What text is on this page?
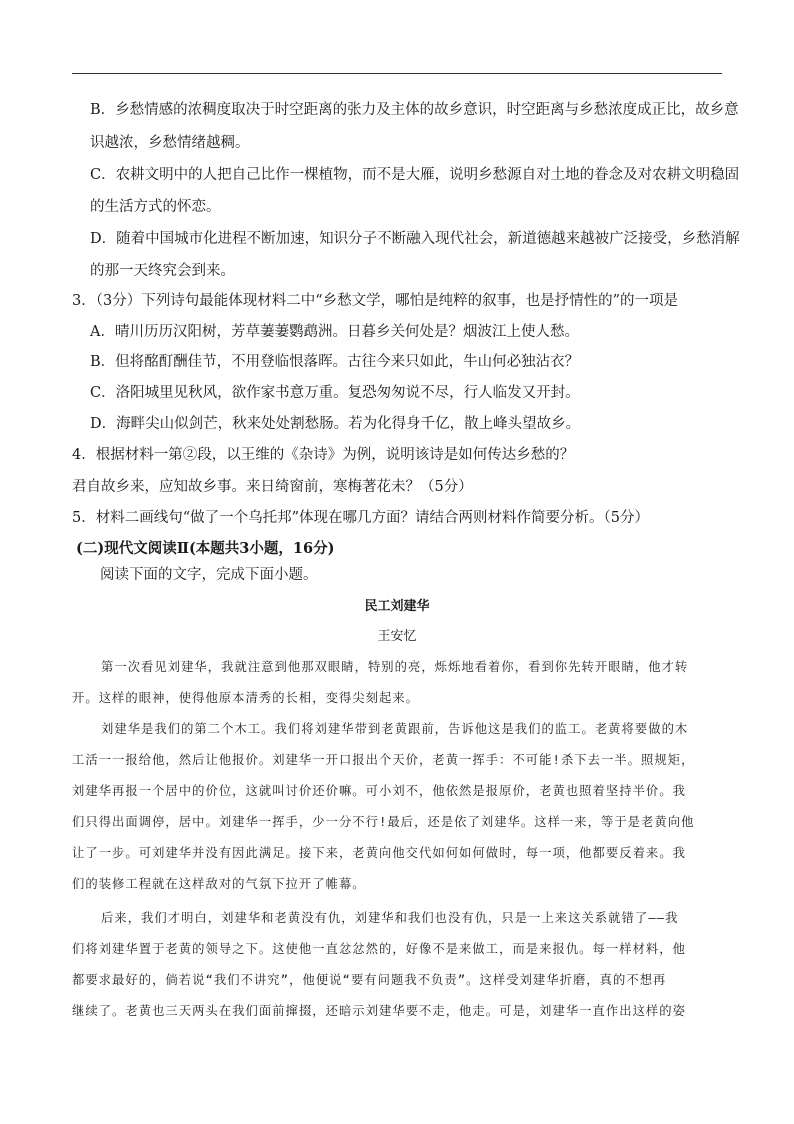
B．乡愁情感的浓稠度取决于时空距离的张力及主体的故乡意识，时空距离与乡愁浓度成正比，故乡意
识越浓，乡愁情绪越稠。
C．农耕文明中的人把自己比作一棵植物，而不是大雁，说明乡愁源自对土地的眷念及对农耕文明稳固
的生活方式的怀恋。
D．随着中国城市化进程不断加速，知识分子不断融入现代社会，新道德越来越被广泛接受，乡愁消解
的那一天终究会到来。
3．（3分）下列诗句最能体现材料二中“乡愁文学，哪怕是纯粹的叙事，也是抒情性的”的一项是
A．晴川历历汉阳树，芳草萋萋鹦鹉洲。日暮乡关何处是？烟波江上使人愁。
B．但将酩酊酬佳节，不用登临恨落晖。古往今来只如此，牛山何必独沾衣？
C．洛阳城里见秋风，欲作家书意万重。复恐匆匆说不尽，行人临发又开封。
D．海畔尖山似剑芒，秋来处处割愁肠。若为化得身千亿，散上峰头望故乡。
4．根据材料一第②段，以王维的《杂诗》为例，说明该诗是如何传达乡愁的？
君自故乡来，应知故乡事。来日绮窗前，寒梅著花未？（5分）
5．材料二画线句“做了一个乌托邦”体现在哪几方面？请结合两则材料作简要分析。（5分）
(二)现代文阅读Ⅱ(本题共3小题，16分)
阅读下面的文字，完成下面小题。
民工刘建华
王安忆
第一次看见刘建华，我就注意到他那双眼睛，特别的亮，烁烁地看着你，看到你先转开眼睛，他才转
开。这样的眼神，使得他原本清秀的长相，变得尖刻起来。
刘建华是我们的第二个木工。我们将刘建华带到老黄跟前，告诉他这是我们的监工。老黄将要做的木
工活一一报给他，然后让他报价。刘建华一开口报出个天价，老黄一挥手：不可能!杀下去一半。照规矩，
刘建华再报一个居中的价位，这就叫讨价还价嘛。可小刘不，他依然是报原价，老黄也照着坚持半价。我
们只得出面调停，居中。刘建华一挥手，少一分不行!最后，还是依了刘建华。这样一来，等于是老黄向他
让了一步。可刘建华并没有因此满足。接下来，老黄向他交代如何如何做时，每一项，他都要反着来。我
们的装修工程就在这样敌对的气氛下拉开了帷幕。
后来，我们才明白，刘建华和老黄没有仇，刘建华和我们也没有仇，只是一上来这关系就错了——我
们将刘建华置于老黄的领导之下。这使他一直忿忿然的，好像不是来做工，而是来报仇。每一样材料，他
都要求最好的，倘若说“我们不讲究”，他便说“要有问题我不负责”。这样受刘建华折磨，真的不想再
继续了。老黄也三天两头在我们面前撺掇，还暗示刘建华要不走，他走。可是，刘建华一直作出这样的姿
